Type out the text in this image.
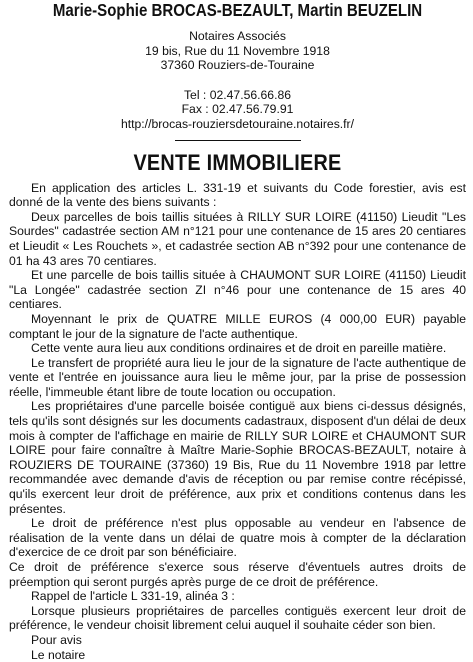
Marie-Sophie BROCAS-BEZAULT, Martin BEUZELIN
Notaires Associés
19 bis, Rue du 11 Novembre 1918
37360 Rouziers-de-Touraine
Tel : 02.47.56.66.86
Fax : 02.47.56.79.91
http://brocas-rouziersdetouraine.notaires.fr/
VENTE IMMOBILIERE

En application des articles L. 331-19 et suivants du Code forestier, avis est donné de la vente des biens suivants :

Deux parcelles de bois taillis situées à RILLY SUR LOIRE (41150) Lieudit "Les Sourdes" cadastrée section AM n°121 pour une contenance de 15 ares 20 centiares et Lieudit « Les Rouchets », et cadastrée section AB n°392 pour une contenance de 01 ha 43 ares 70 centiares.

Et une parcelle de bois taillis située à CHAUMONT SUR LOIRE (41150) Lieudit "La Longée" cadastrée section ZI n°46 pour une contenance de 15 ares 40 centiares.

Moyennant le prix de QUATRE MILLE EUROS (4 000,00 EUR) payable comptant le jour de la signature de l'acte authentique.

Cette vente aura lieu aux conditions ordinaires et de droit en pareille matière.

Le transfert de propriété aura lieu le jour de la signature de l'acte authentique de vente et l'entrée en jouissance aura lieu le même jour, par la prise de possession réelle, l'immeuble étant libre de toute location ou occupation.

Les propriétaires d'une parcelle boisée contiguë aux biens ci-dessus désignés, tels qu'ils sont désignés sur les documents cadastraux, disposent d'un délai de deux mois à compter de l'affichage en mairie de RILLY SUR LOIRE et CHAUMONT SUR LOIRE pour faire connaître à Maître Marie-Sophie BROCAS-BEZAULT, notaire à ROUZIERS DE TOURAINE (37360) 19 Bis, Rue du 11 Novembre 1918 par lettre recommandée avec demande d'avis de réception ou par remise contre récépissé, qu'ils exercent leur droit de préférence, aux prix et conditions contenus dans les présentes.

Le droit de préférence n'est plus opposable au vendeur en l'absence de réalisation de la vente dans un délai de quatre mois à compter de la déclaration d'exercice de ce droit par son bénéficiaire.

Ce droit de préférence s'exerce sous réserve d'éventuels autres droits de préemption qui seront purgés après purge de ce droit de préférence.

Rappel de l'article L 331-19, alinéa 3 :

Lorsque plusieurs propriétaires de parcelles contiguës exercent leur droit de préférence, le vendeur choisit librement celui auquel il souhaite céder son bien.

Pour avis

Le notaire
